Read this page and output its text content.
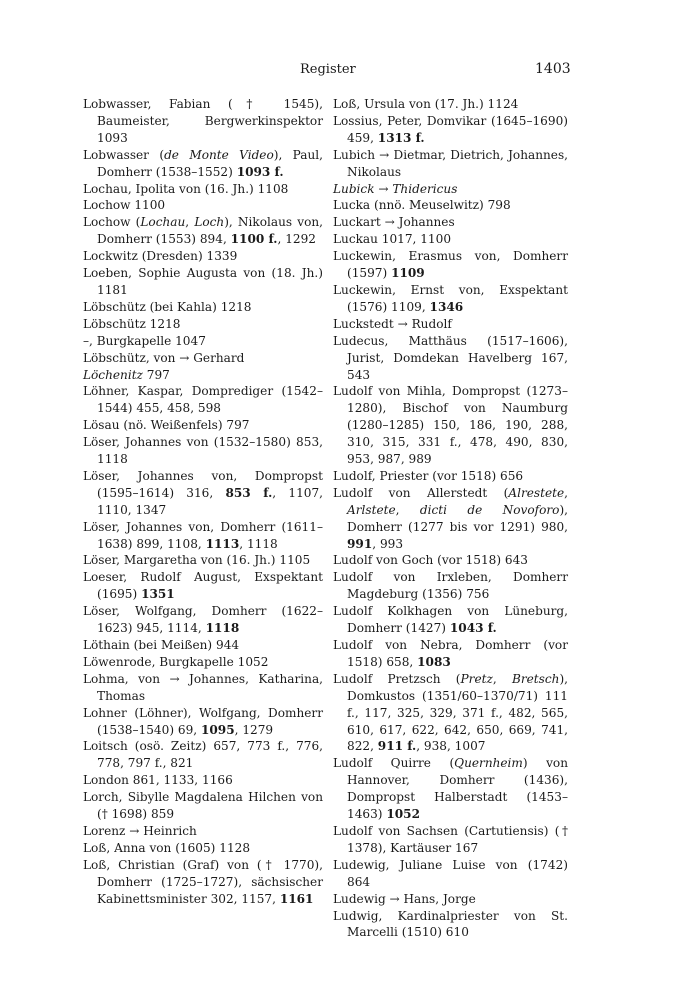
Register	1403

Lobwasser, Fabian († 1545), Baumeister, Bergwerkinspektor 1093

Lobwasser (de Monte Video), Paul, Domherr (1538–1552) 1093 f.

Lochau, Ipolita von (16. Jh.) 1108

Lochow 1100

Lochow (Lochau, Loch), Nikolaus von, Domherr (1553) 894, 1100 f., 1292

Lockwitz (Dresden) 1339

Loeben, Sophie Augusta von (18. Jh.) 1181

Löbschütz (bei Kahla) 1218

Löbschütz 1218

–, Burgkapelle 1047

Löbschütz, von → Gerhard

Löchenitz 797

Löhner, Kaspar, Domprediger (1542–1544) 455, 458, 598

Lösau (nö. Weißenfels) 797

Löser, Johannes von (1532–1580) 853, 1118

Löser, Johannes von, Dompropst (1595–1614) 316, 853 f., 1107, 1110, 1347

Löser, Johannes von, Domherr (1611–1638) 899, 1108, 1113, 1118

Löser, Margaretha von (16. Jh.) 1105

Loeser, Rudolf August, Exspektant (1695) 1351

Löser, Wolfgang, Domherr (1622–1623) 945, 1114, 1118

Löthain (bei Meißen) 944

Löwenrode, Burgkapelle 1052

Lohma, von → Johannes, Katharina, Thomas

Lohner (Löhner), Wolfgang, Domherr (1538–1540) 69, 1095, 1279

Loitsch (osö. Zeitz) 657, 773 f., 776, 778, 797 f., 821

London 861, 1133, 1166

Lorch, Sibylle Magdalena Hilchen von († 1698) 859

Lorenz → Heinrich

Loß, Anna von (1605) 1128

Loß, Christian (Graf) von († 1770), Domherr (1725–1727), sächsischer Kabinettsminister 302, 1157, 1161

Loß, Ursula von (17. Jh.) 1124

Lossius, Peter, Domvikar (1645–1690) 459, 1313 f.

Lubich → Dietmar, Dietrich, Johannes, Nikolaus

Lubick → Thidericus

Lucka (nnö. Meuselwitz) 798

Luckart → Johannes

Luckau 1017, 1100

Luckewin, Erasmus von, Domherr (1597) 1109

Luckewin, Ernst von, Exspektant (1576) 1109, 1346

Luckstedt → Rudolf

Ludecus, Matthäus (1517–1606), Jurist, Domdekan Havelberg 167, 543

Ludolf von Mihla, Dompropst (1273–1280), Bischof von Naumburg (1280–1285) 150, 186, 190, 288, 310, 315, 331 f., 478, 490, 830, 953, 987, 989

Ludolf, Priester (vor 1518) 656

Ludolf von Allerstedt (Alrestete, Arlstete, dicti de Novoforo), Domherr (1277 bis vor 1291) 980, 991, 993

Ludolf von Goch (vor 1518) 643

Ludolf von Irxleben, Domherr Magdeburg (1356) 756

Ludolf Kolkhagen von Lüneburg, Domherr (1427) 1043 f.

Ludolf von Nebra, Domherr (vor 1518) 658, 1083

Ludolf Pretzsch (Pretz, Bretsch), Domkustos (1351/60–1370/71) 111 f., 117, 325, 329, 371 f., 482, 565, 610, 617, 622, 642, 650, 669, 741, 822, 911 f., 938, 1007

Ludolf Quirre (Quernheim) von Hannover, Domherr (1436), Dompropst Halberstadt (1453–1463) 1052

Ludolf von Sachsen (Cartutiensis) († 1378), Kartäuser 167

Ludewig, Juliane Luise von (1742) 864

Ludewig → Hans, Jorge

Ludwig, Kardinalpriester von St. Marcelli (1510) 610
